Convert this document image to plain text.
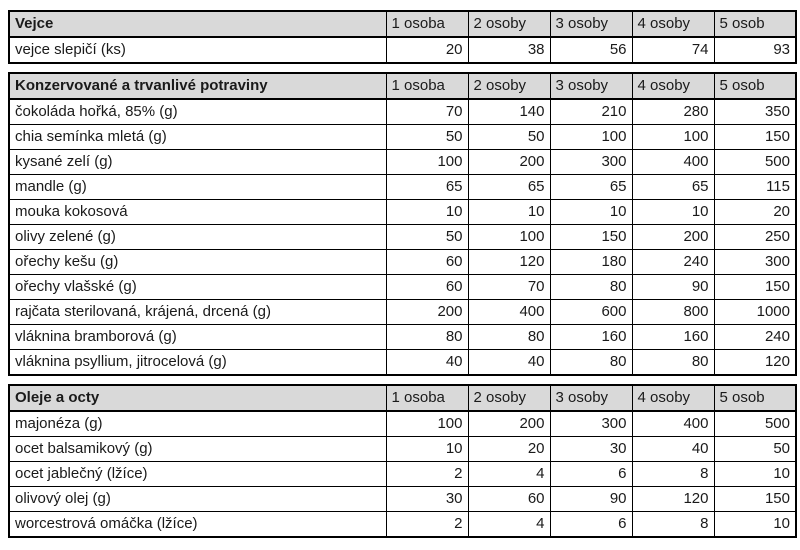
Vejce	1 osoba	2 osoby	3 osoby	4 osoby	5 osob
vejce slepičí (ks)	20	38	56	74	93
Konzervované a trvanlivé potraviny	1 osoba	2 osoby	3 osoby	4 osoby	5 osob
čokoláda hořká, 85% (g)	70	140	210	280	350
chia semínka mletá (g)	50	50	100	100	150
kysané zelí (g)	100	200	300	400	500
mandle (g)	65	65	65	65	115
mouka kokosová	10	10	10	10	20
olivy zelené (g)	50	100	150	200	250
ořechy kešu (g)	60	120	180	240	300
ořechy vlašské (g)	60	70	80	90	150
rajčata sterilovaná, krájená, drcená (g)	200	400	600	800	1000
vláknina bramborová (g)	80	80	160	160	240
vláknina psyllium, jitrocelová (g)	40	40	80	80	120
Oleje a octy	1 osoba	2 osoby	3 osoby	4 osoby	5 osob
majonéza (g)	100	200	300	400	500
ocet balsamikový (g)	10	20	30	40	50
ocet jablečný (lžíce)	2	4	6	8	10
olivový olej (g)	30	60	90	120	150
worcestrová omáčka (lžíce)	2	4	6	8	10
